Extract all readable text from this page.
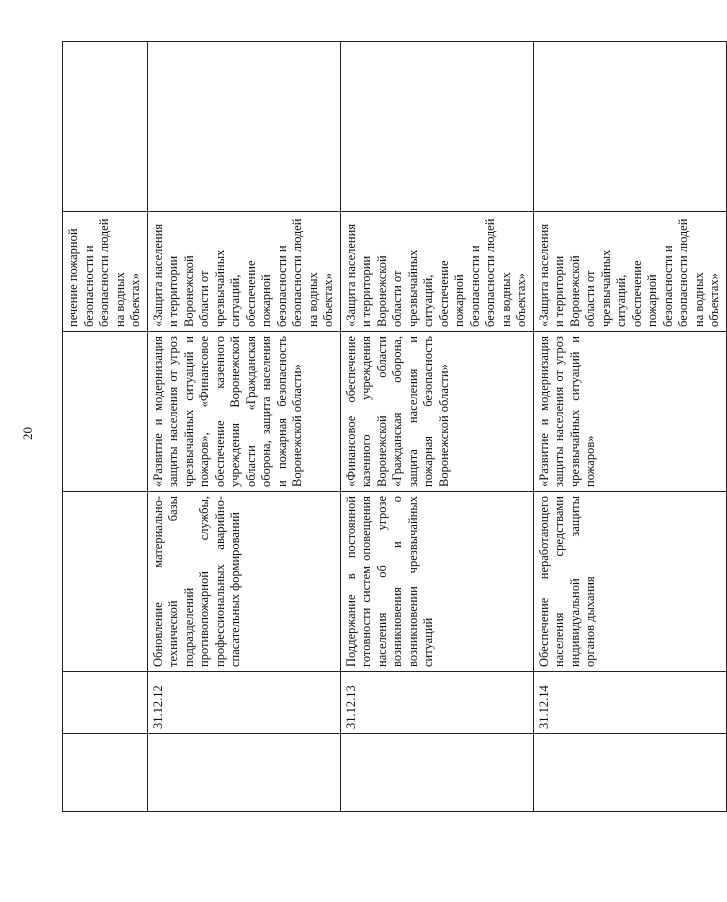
20
				печение пожарной безопасности и безопасности людей на водных объектах»	
	31.12.12	Обновление материально-технической базы подразделений противопожарной службы, профессиональных аварийно-спасательных формирований	«Развитие и модернизация защиты населения от угроз чрезвычайных ситуаций и пожаров», «Финансовое обеспечение казенного учреждения Воронежской области «Гражданская оборона, защита населения и пожарная безопасность Воронежской области»	«Защита населения и территории Воронежской области от чрезвычайных ситуаций, обеспечение пожарной безопасности и безопасности людей на водных объектах»	
	31.12.13	Поддержание в постоянной готовности систем оповещения населения об угрозе возникновения и о возникновении чрезвычайных ситуаций	«Финансовое обеспечение казенного учреждения Воронежской области «Гражданская оборона, защита населения и пожарная безопасность Воронежской области»	«Защита населения и территории Воронежской области от чрезвычайных ситуаций, обеспечение пожарной безопасности и безопасности людей на водных объектах»	
	31.12.14	Обеспечение неработающего населения средствами индивидуальной защиты органов дыхания	«Развитие и модернизация защиты населения от угроз чрезвычайных ситуаций и пожаров»	«Защита населения и территории Воронежской области от чрезвычайных ситуаций, обеспечение пожарной безопасности и безопасности людей на водных объектах»	
